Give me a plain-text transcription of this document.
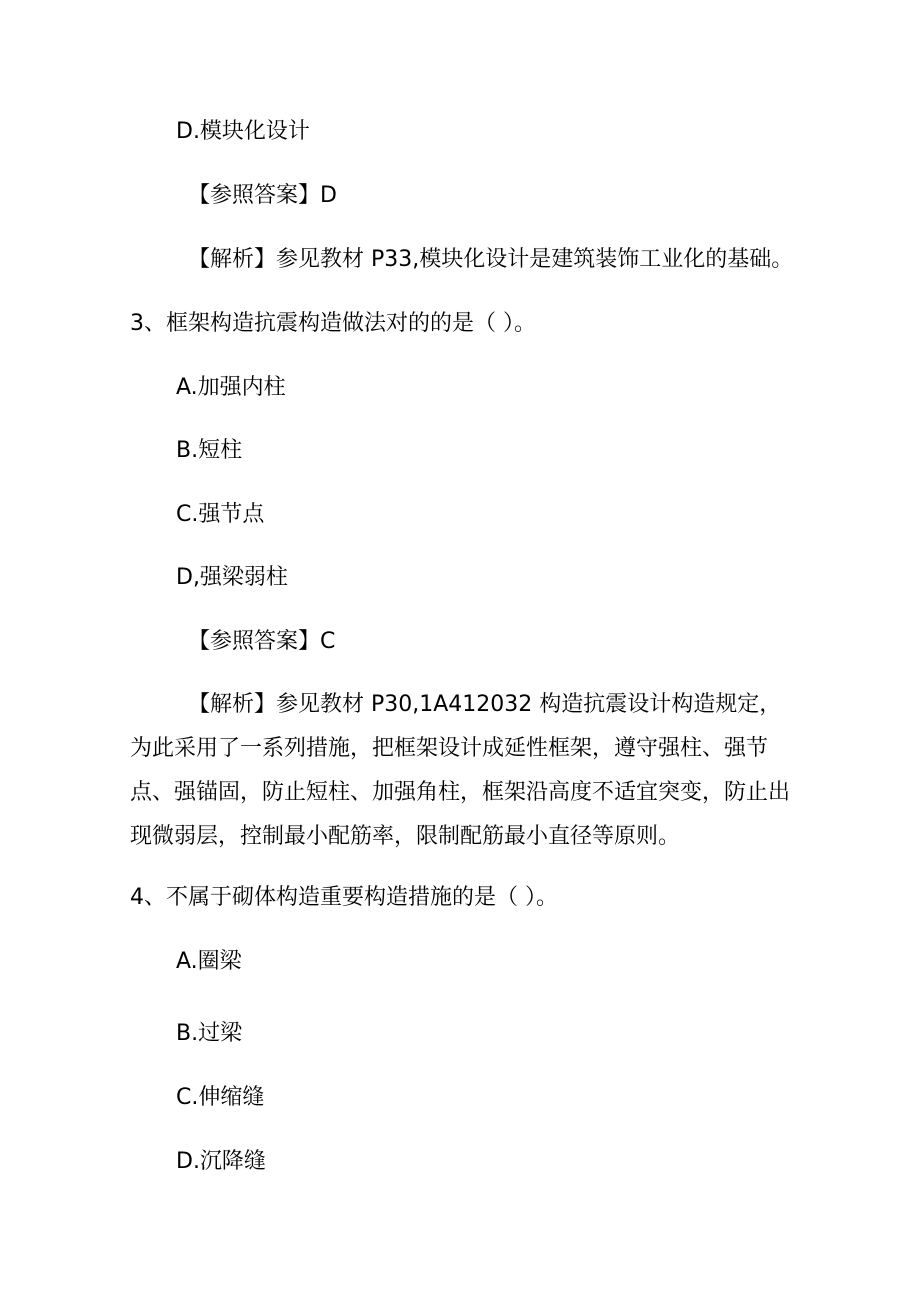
D.模块化设计
【参照答案】D
【解析】参见教材 P33,模块化设计是建筑装饰工业化的基础。
3、框架构造抗震构造做法对的的是（ ）。
A.加强内柱
B.短柱
C.强节点
D,强梁弱柱
【参照答案】C
【解析】参见教材 P30,1A412032 构造抗震设计构造规定，
为此采用了一系列措施，把框架设计成延性框架，遵守强柱、强节
点、强锚固，防止短柱、加强角柱，框架沿高度不适宜突变，防止出
现微弱层，控制最小配筋率，限制配筋最小直径等原则。
4、不属于砌体构造重要构造措施的是（ ）。
A.圈梁
B.过梁
C.伸缩缝
D.沉降缝
